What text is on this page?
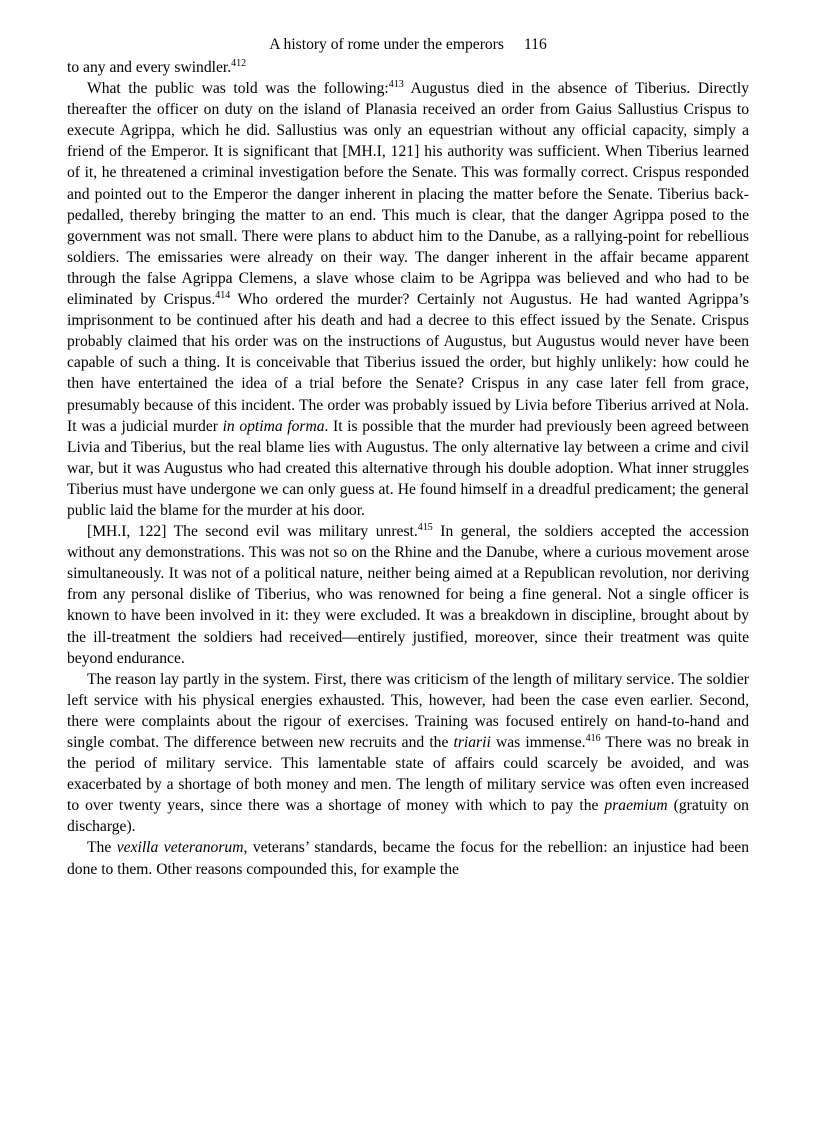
A history of rome under the emperors 116

to any and every swindler.$^{412}$

What the public was told was the following:$^{413}$ Augustus died in the absence of Tiberius. Directly thereafter the officer on duty on the island of Planasia received an order from Gaius Sallustius Crispus to execute Agrippa, which he did. Sallustius was only an equestrian without any official capacity, simply a friend of the Emperor. It is significant that [MH.I, 121] his authority was sufficient. When Tiberius learned of it, he threatened a criminal investigation before the Senate. This was formally correct. Crispus responded and pointed out to the Emperor the danger inherent in placing the matter before the Senate. Tiberius back-pedalled, thereby bringing the matter to an end. This much is clear, that the danger Agrippa posed to the government was not small. There were plans to abduct him to the Danube, as a rallying-point for rebellious soldiers. The emissaries were already on their way. The danger inherent in the affair became apparent through the false Agrippa Clemens, a slave whose claim to be Agrippa was believed and who had to be eliminated by Crispus.$^{414}$ Who ordered the murder? Certainly not Augustus. He had wanted Agrippa’s imprisonment to be continued after his death and had a decree to this effect issued by the Senate. Crispus probably claimed that his order was on the instructions of Augustus, but Augustus would never have been capable of such a thing. It is conceivable that Tiberius issued the order, but highly unlikely: how could he then have entertained the idea of a trial before the Senate? Crispus in any case later fell from grace, presumably because of this incident. The order was probably issued by Livia before Tiberius arrived at Nola. It was a judicial murder in optima forma. It is possible that the murder had previously been agreed between Livia and Tiberius, but the real blame lies with Augustus. The only alternative lay between a crime and civil war, but it was Augustus who had created this alternative through his double adoption. What inner struggles Tiberius must have undergone we can only guess at. He found himself in a dreadful predicament; the general public laid the blame for the murder at his door.

[MH.I, 122] The second evil was military unrest.$^{415}$ In general, the soldiers accepted the accession without any demonstrations. This was not so on the Rhine and the Danube, where a curious movement arose simultaneously. It was not of a political nature, neither being aimed at a Republican revolution, nor deriving from any personal dislike of Tiberius, who was renowned for being a fine general. Not a single officer is known to have been involved in it: they were excluded. It was a breakdown in discipline, brought about by the ill-treatment the soldiers had received—entirely justified, moreover, since their treatment was quite beyond endurance.

The reason lay partly in the system. First, there was criticism of the length of military service. The soldier left service with his physical energies exhausted. This, however, had been the case even earlier. Second, there were complaints about the rigour of exercises. Training was focused entirely on hand-to-hand and single combat. The difference between new recruits and the triarii was immense.$^{416}$ There was no break in the period of military service. This lamentable state of affairs could scarcely be avoided, and was exacerbated by a shortage of both money and men. The length of military service was often even increased to over twenty years, since there was a shortage of money with which to pay the praemium (gratuity on discharge).

The vexilla veteranorum, veterans’ standards, became the focus for the rebellion: an injustice had been done to them. Other reasons compounded this, for example the
